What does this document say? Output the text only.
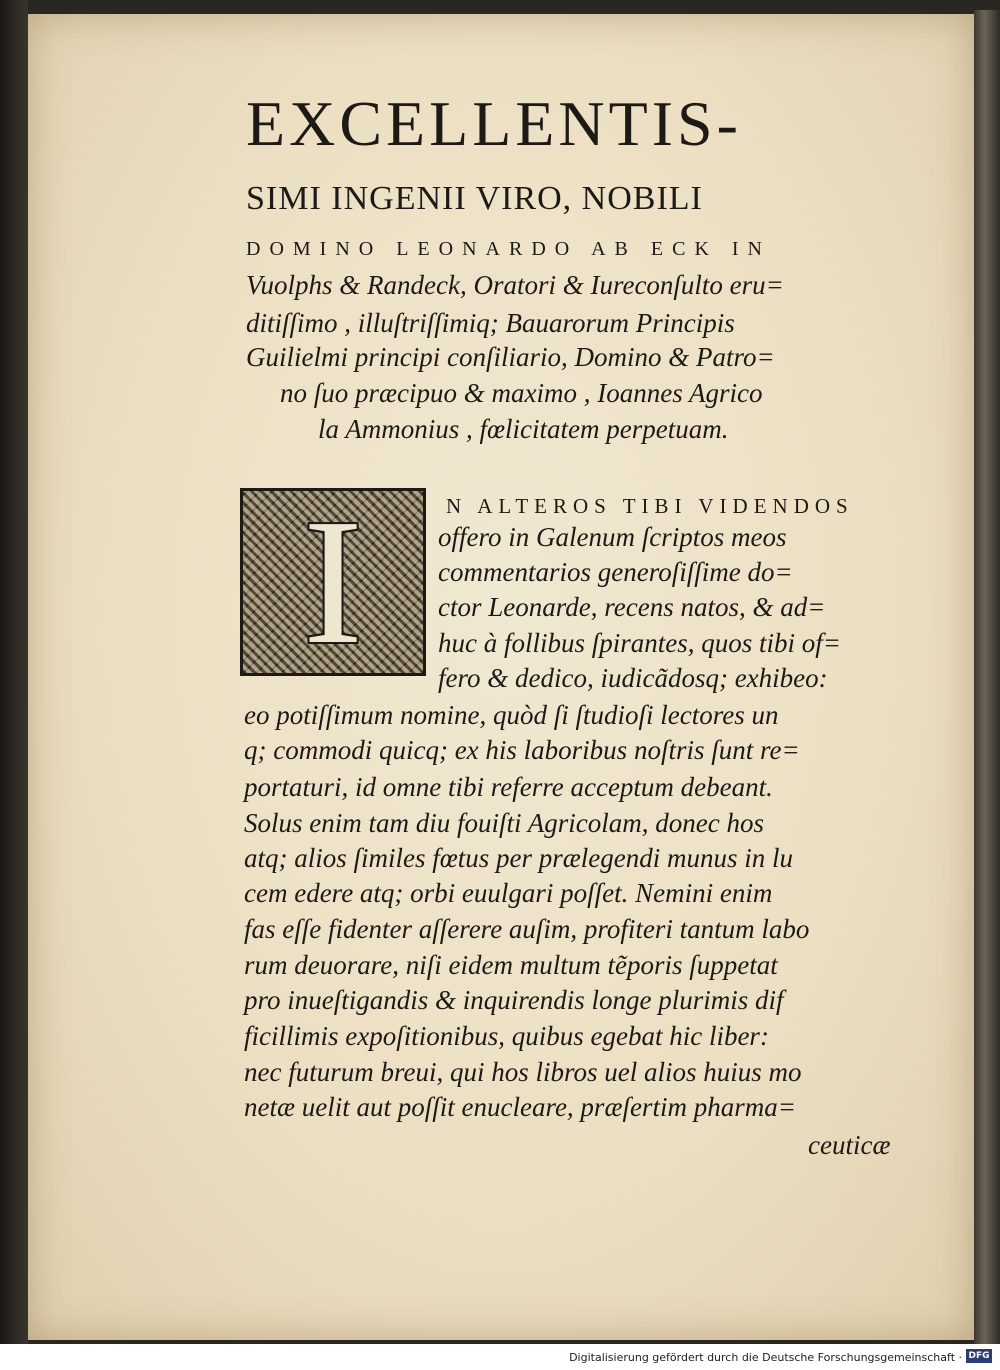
EXCELLENTIS-
SIMI INGENII VIRO, NOBILI
DOMINO LEONARDO AB ECK IN
Vuolphs & Randeck, Oratori & Iureconſulto eru=
ditiſſimo , illuſtriſſimiq; Bauarorum Principis
Guilielmi principi conſiliario, Domino & Patro=
no ſuo præcipuo & maximo , Ioannes Agrico
la Ammonius , fœlicitatem perpetuam.
I	N ALTEROS TIBI VIDENDOS
offero in Galenum ſcriptos meos
commentarios generoſiſſime do=
ctor Leonarde, recens natos, & ad=
huc à follibus ſpirantes, quos tibi of=
fero & dedico, iudicãdosq; exhibeo:
eo potiſſimum nomine, quòd ſi ſtudioſi lectores un
q; commodi quicq; ex his laboribus noſtris ſunt re=
portaturi, id omne tibi referre acceptum debeant.
Solus enim tam diu fouiſti Agricolam, donec hos
atq; alios ſimiles fœtus per prælegendi munus in lu
cem edere atq; orbi euulgari poſſet. Nemini enim
fas eſſe fidenter aſſerere auſim, profiteri tantum labo
rum deuorare, niſi eidem multum tẽporis ſuppetat
pro inueſtigandis & inquirendis longe plurimis dif
ficillimis expoſitionibus, quibus egebat hic liber:
nec futurum breui, qui hos libros uel alios huius mo
netæ uelit aut poſſit enucleare, præſertim pharma=
ceuticæ
Digitalisierung gefördert durch die Deutsche Forschungsgemeinschaft · DFG
